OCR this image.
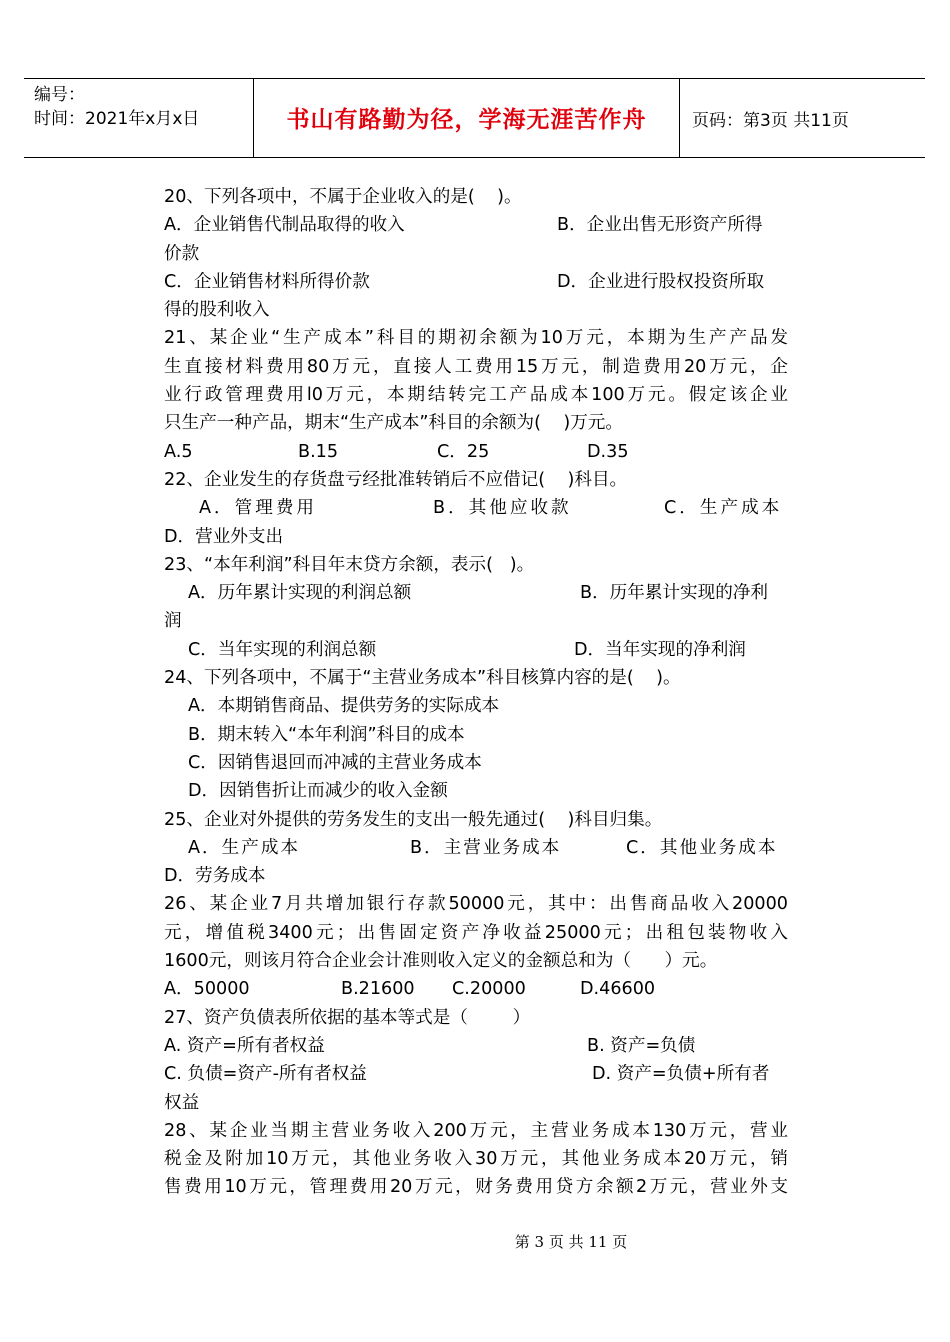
编号：
时间：2021年x月x日	书山有路勤为径，学海无涯苦作舟	页码：第3页 共11页
20、下列各项中，不属于企业收入的是(    )。
A．企业销售代制品取得的收入	B．企业出售无形资产所得
价款
C．企业销售材料所得价款	D．企业进行股权投资所取
得的股利收入
21、某企业“生产成本”科目的期初余额为10万元，本期为生产产品发
生直接材料费用80万元，直接人工费用15万元，制造费用20万元，企
业行政管理费用l0万元，本期结转完工产品成本100万元。假定该企业
只生产一种产品，期末“生产成本”科目的余额为(    )万元。
A.5	B.15	C．25	D.35
22、企业发生的存货盘亏经批准转销后不应借记(    )科目。
A．管理费用	B．其他应收款	C．生产成本
D．营业外支出
23、“本年利润”科目年末贷方余额，表示(   )。
A．历年累计实现的利润总额	B．历年累计实现的净利
润
C．当年实现的利润总额	D．当年实现的净利润
24、下列各项中，不属于“主营业务成本”科目核算内容的是(    )。
A．本期销售商品、提供劳务的实际成本
B．期末转入“本年利润”科目的成本
C．因销售退回而冲减的主营业务成本
D．因销售折让而减少的收入金额
25、企业对外提供的劳务发生的支出一般先通过(    )科目归集。
A．生产成本	B．主营业务成本	C．其他业务成本
D．劳务成本
26、某企业7月共增加银行存款50000元，其中：出售商品收入20000
元，增值税3400元；出售固定资产净收益25000元；出租包装物收入
1600元，则该月符合企业会计准则收入定义的金额总和为（      ）元。
A．50000	B.21600 C.20000	D.46600
27、资产负债表所依据的基本等式是（        ）
A. 资产=所有者权益	B. 资产=负债
C. 负债=资产-所有者权益	D. 资产=负债+所有者
权益
28、某企业当期主营业务收入200万元，主营业务成本130万元，营业
税金及附加10万元，其他业务收入30万元，其他业务成本20万元，销
售费用10万元，管理费用20万元，财务费用贷方余额2万元，营业外支
第 3 页 共 11 页
